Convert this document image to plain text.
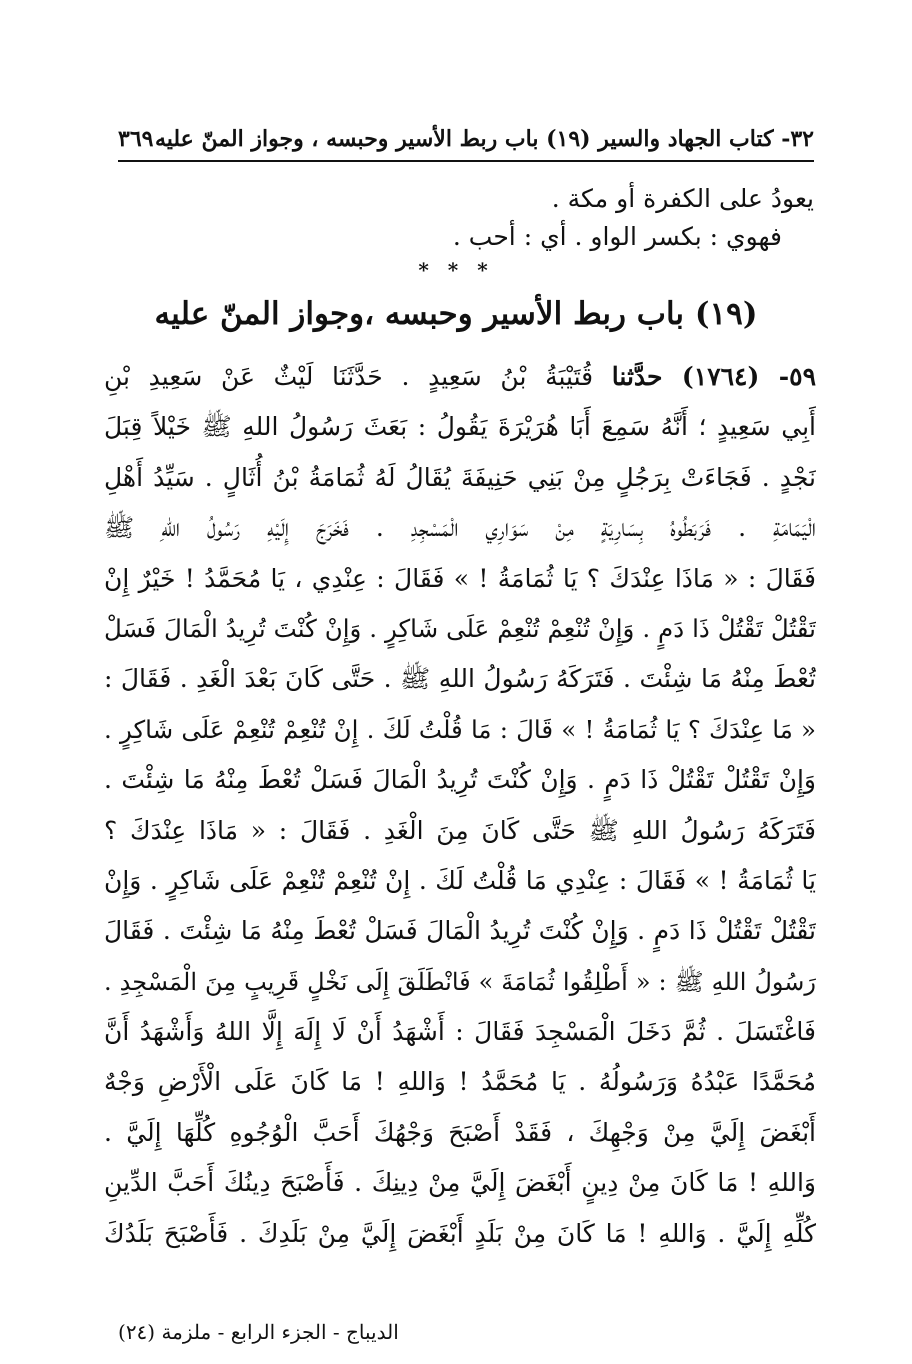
٣٢- كتاب الجهاد والسير (١٩) باب ربط الأسير وحبسه ، وجواز المنّ عليه
٣٦٩

يعودُ على الكفرة أو مكة .

فهوي : بكسر الواو . أي : أحب .

* * *
(١٩) باب ربط الأسير وحبسه ،وجواز المنّ عليه
٥٩- (١٧٦٤) حدَّثنا قُتَيْبَةُ بْنُ سَعِيدٍ . حَدَّثَنَا لَيْثٌ عَنْ سَعِيدِ بْنِ
أَبِي سَعِيدٍ ؛ أَنَّهُ سَمِعَ أَبَا هُرَيْرَةَ يَقُولُ : بَعَثَ رَسُولُ اللهِ ﷺ خَيْلاً قِبَلَ
نَجْدٍ . فَجَاءَتْ بِرَجُلٍ مِنْ بَنِي حَنِيفَةَ يُقَالُ لَهُ ثُمَامَةُ بْنُ أُثَالٍ . سَيِّدُ أَهْلِ
الْيَمَامَةِ . فَرَبَطُوهُ بِسَارِيَةٍ مِنْ سَوَارِي الْمَسْجِدِ . فَخَرَجَ إِلَيْهِ رَسُولُ اللهِ ﷺ
فَقَالَ : « مَاذَا عِنْدَكَ ؟ يَا ثُمَامَةُ ! » فَقَالَ : عِنْدِي ، يَا مُحَمَّدُ ! خَيْرٌ إِنْ
تَقْتُلْ تَقْتُلْ ذَا دَمٍ . وَإِنْ تُنْعِمْ تُنْعِمْ عَلَى شَاكِرٍ . وَإِنْ كُنْتَ تُرِيدُ الْمَالَ فَسَلْ
تُعْطَ مِنْهُ مَا شِئْتَ . فَتَرَكَهُ رَسُولُ اللهِ ﷺ . حَتَّى كَانَ بَعْدَ الْغَدِ . فَقَالَ :
« مَا عِنْدَكَ ؟ يَا ثُمَامَةُ ! » قَالَ : مَا قُلْتُ لَكَ . إِنْ تُنْعِمْ تُنْعِمْ عَلَى شَاكِرٍ .
وَإِنْ تَقْتُلْ تَقْتُلْ ذَا دَمٍ . وَإِنْ كُنْتَ تُرِيدُ الْمَالَ فَسَلْ تُعْطَ مِنْهُ مَا شِئْتَ .
فَتَرَكَهُ رَسُولُ اللهِ ﷺ حَتَّى كَانَ مِنَ الْغَدِ . فَقَالَ : « مَاذَا عِنْدَكَ ؟
يَا ثُمَامَةُ ! » فَقَالَ : عِنْدِي مَا قُلْتُ لَكَ . إِنْ تُنْعِمْ تُنْعِمْ عَلَى شَاكِرٍ . وَإِنْ
تَقْتُلْ تَقْتُلْ ذَا دَمٍ . وَإِنْ كُنْتَ تُرِيدُ الْمَالَ فَسَلْ تُعْطَ مِنْهُ مَا شِئْتَ . فَقَالَ
رَسُولُ اللهِ ﷺ : « أَطْلِقُوا ثُمَامَةَ » فَانْطَلَقَ إِلَى نَخْلٍ قَرِيبٍ مِنَ الْمَسْجِدِ .
فَاغْتَسَلَ . ثُمَّ دَخَلَ الْمَسْجِدَ فَقَالَ : أَشْهَدُ أَنْ لَا إِلَهَ إِلَّا اللهُ وَأَشْهَدُ أَنَّ
مُحَمَّدًا عَبْدُهُ وَرَسُولُهُ . يَا مُحَمَّدُ ! وَاللهِ ! مَا كَانَ عَلَى الْأَرْضِ وَجْهٌ
أَبْغَضَ إِلَيَّ مِنْ وَجْهِكَ ، فَقَدْ أَصْبَحَ وَجْهُكَ أَحَبَّ الْوُجُوهِ كُلِّهَا إِلَيَّ .
وَاللهِ ! مَا كَانَ مِنْ دِينٍ أَبْغَضَ إِلَيَّ مِنْ دِينِكَ . فَأَصْبَحَ دِينُكَ أَحَبَّ الدِّينِ
كُلِّهِ إِلَيَّ . وَاللهِ ! مَا كَانَ مِنْ بَلَدٍ أَبْغَضَ إِلَيَّ مِنْ بَلَدِكَ . فَأَصْبَحَ بَلَدُكَ
الديباج - الجزء الرابع - ملزمة (٢٤)
